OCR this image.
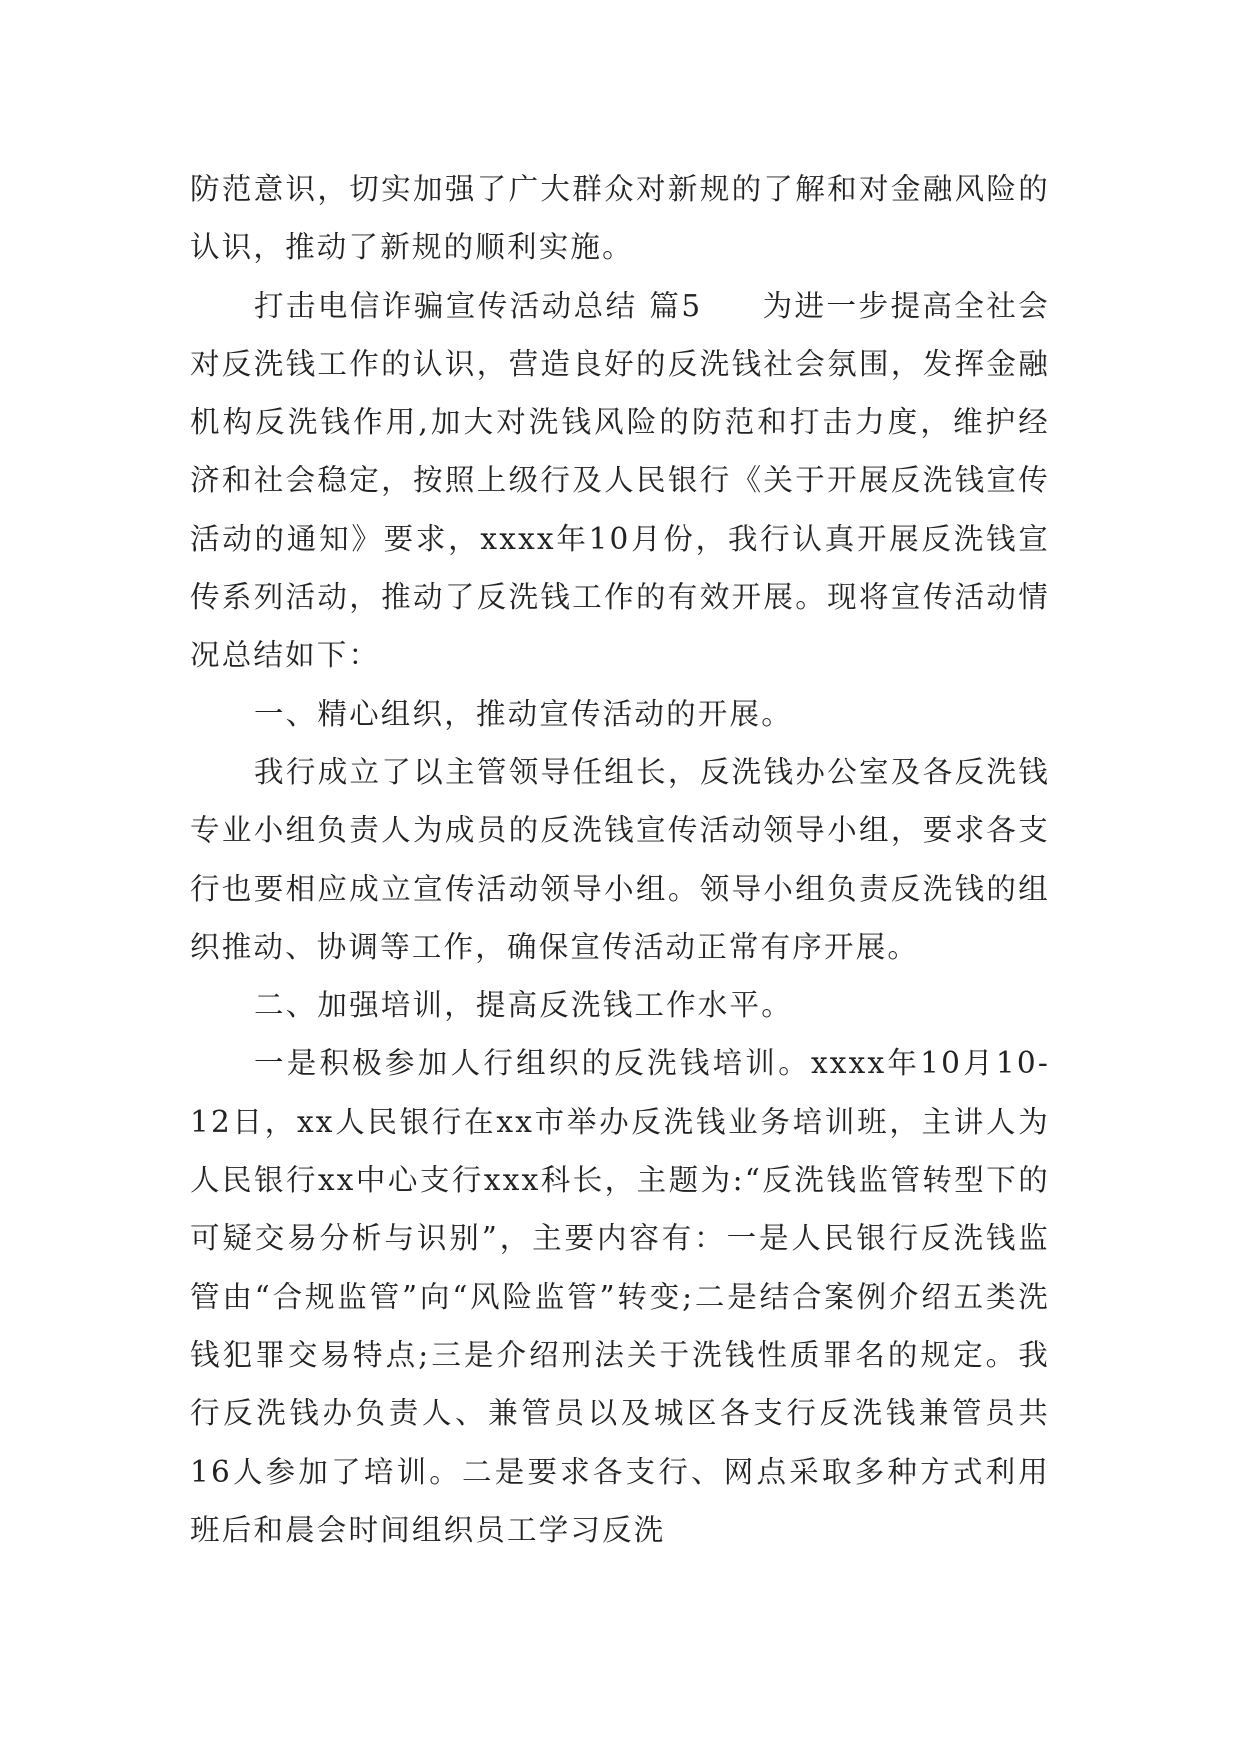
防范意识，切实加强了广大群众对新规的了解和对金融风险的认识，推动了新规的顺利实施。

打击电信诈骗宣传活动总结 篇5 为进一步提高全社会对反洗钱工作的认识，营造良好的反洗钱社会氛围，发挥金融机构反洗钱作用,加大对洗钱风险的防范和打击力度，维护经济和社会稳定，按照上级行及人民银行《关于开展反洗钱宣传活动的通知》要求，xxxx年10月份，我行认真开展反洗钱宣传系列活动，推动了反洗钱工作的有效开展。现将宣传活动情况总结如下：

一、精心组织，推动宣传活动的开展。

我行成立了以主管领导任组长，反洗钱办公室及各反洗钱专业小组负责人为成员的反洗钱宣传活动领导小组，要求各支行也要相应成立宣传活动领导小组。领导小组负责反洗钱的组织推动、协调等工作，确保宣传活动正常有序开展。

二、加强培训，提高反洗钱工作水平。

一是积极参加人行组织的反洗钱培训。xxxx年10月10-12日，xx人民银行在xx市举办反洗钱业务培训班，主讲人为人民银行xx中心支行xxx科长，主题为:“反洗钱监管转型下的可疑交易分析与识别”，主要内容有：一是人民银行反洗钱监管由“合规监管”向“风险监管”转变;二是结合案例介绍五类洗钱犯罪交易特点;三是介绍刑法关于洗钱性质罪名的规定。我行反洗钱办负责人、兼管员以及城区各支行反洗钱兼管员共16人参加了培训。二是要求各支行、网点采取多种方式利用班后和晨会时间组织员工学习反洗
